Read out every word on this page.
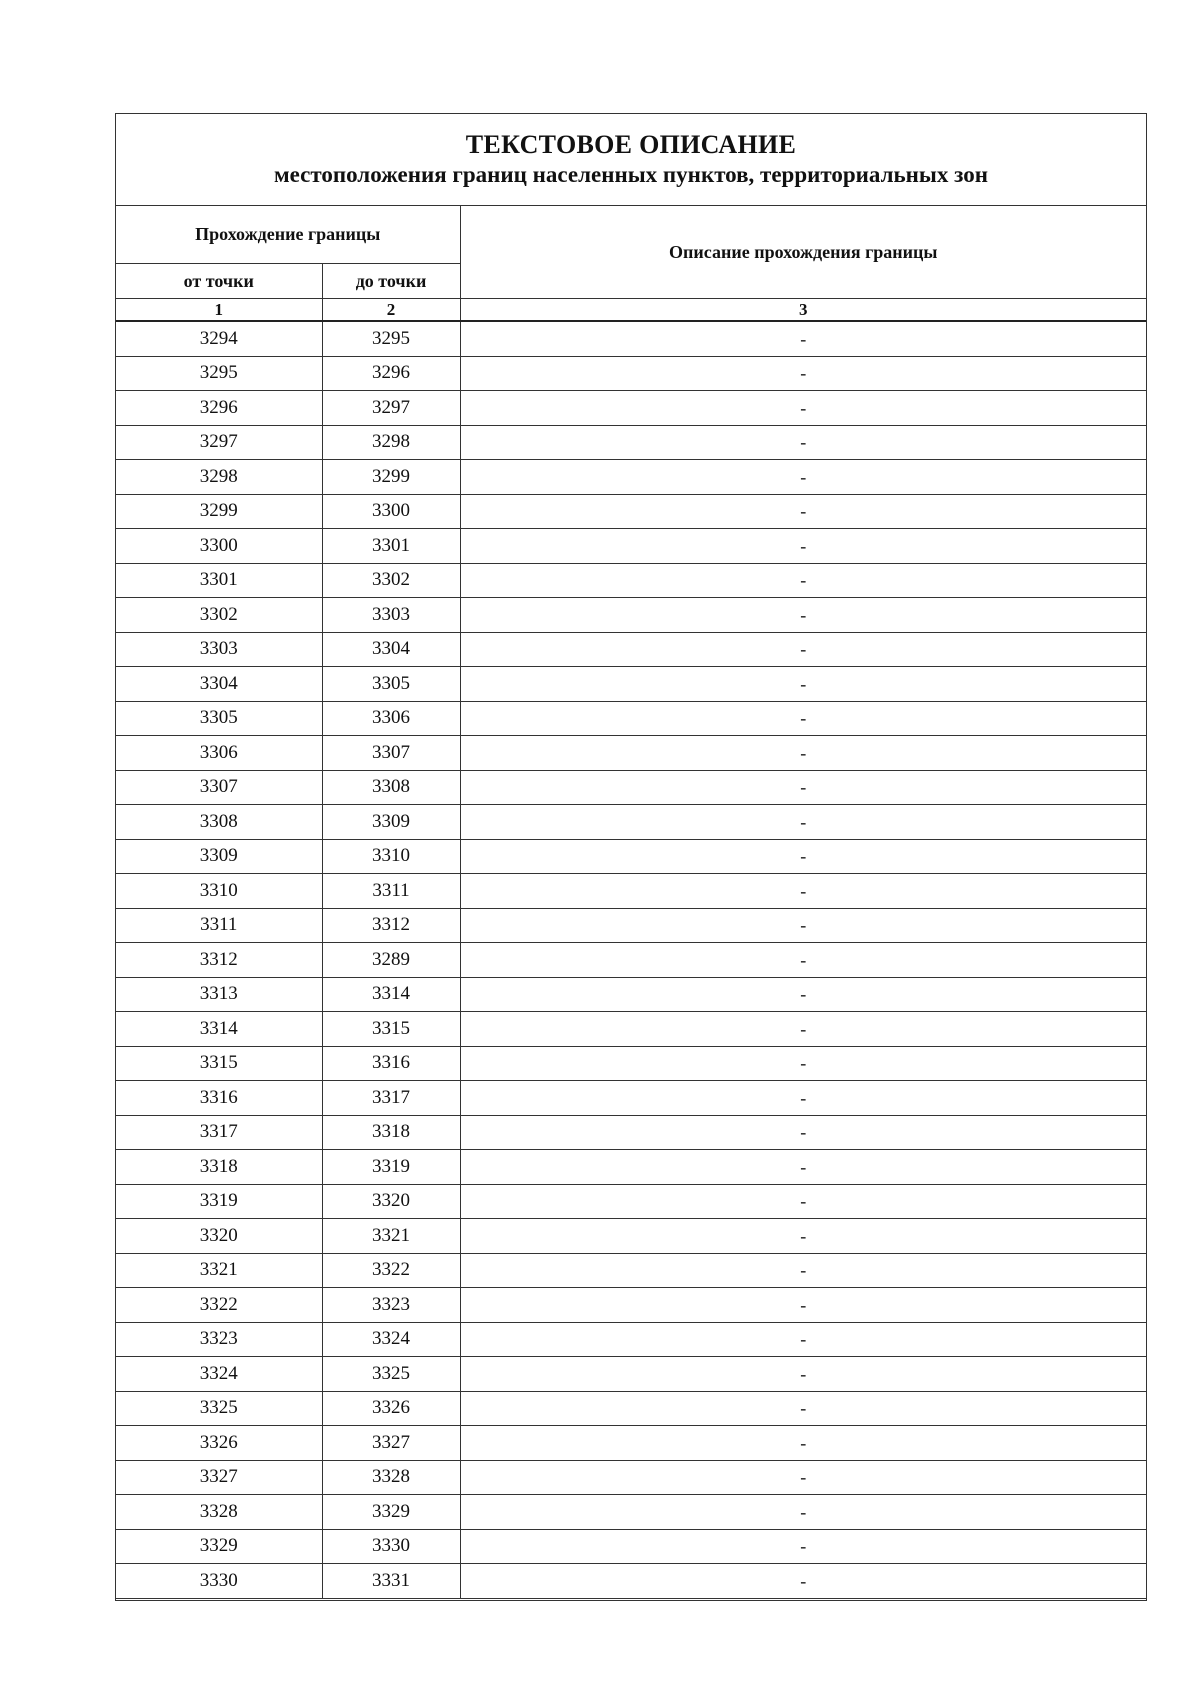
ТЕКСТОВОЕ ОПИСАНИЕ
местоположения границ населенных пунктов, территориальных зон
Прохождение границы		Описание прохождения границы
от точки	до точки	
1	2	3
3294	3295	-
3295	3296	-
3296	3297	-
3297	3298	-
3298	3299	-
3299	3300	-
3300	3301	-
3301	3302	-
3302	3303	-
3303	3304	-
3304	3305	-
3305	3306	-
3306	3307	-
3307	3308	-
3308	3309	-
3309	3310	-
3310	3311	-
3311	3312	-
3312	3289	-
3313	3314	-
3314	3315	-
3315	3316	-
3316	3317	-
3317	3318	-
3318	3319	-
3319	3320	-
3320	3321	-
3321	3322	-
3322	3323	-
3323	3324	-
3324	3325	-
3325	3326	-
3326	3327	-
3327	3328	-
3328	3329	-
3329	3330	-
3330	3331	-
